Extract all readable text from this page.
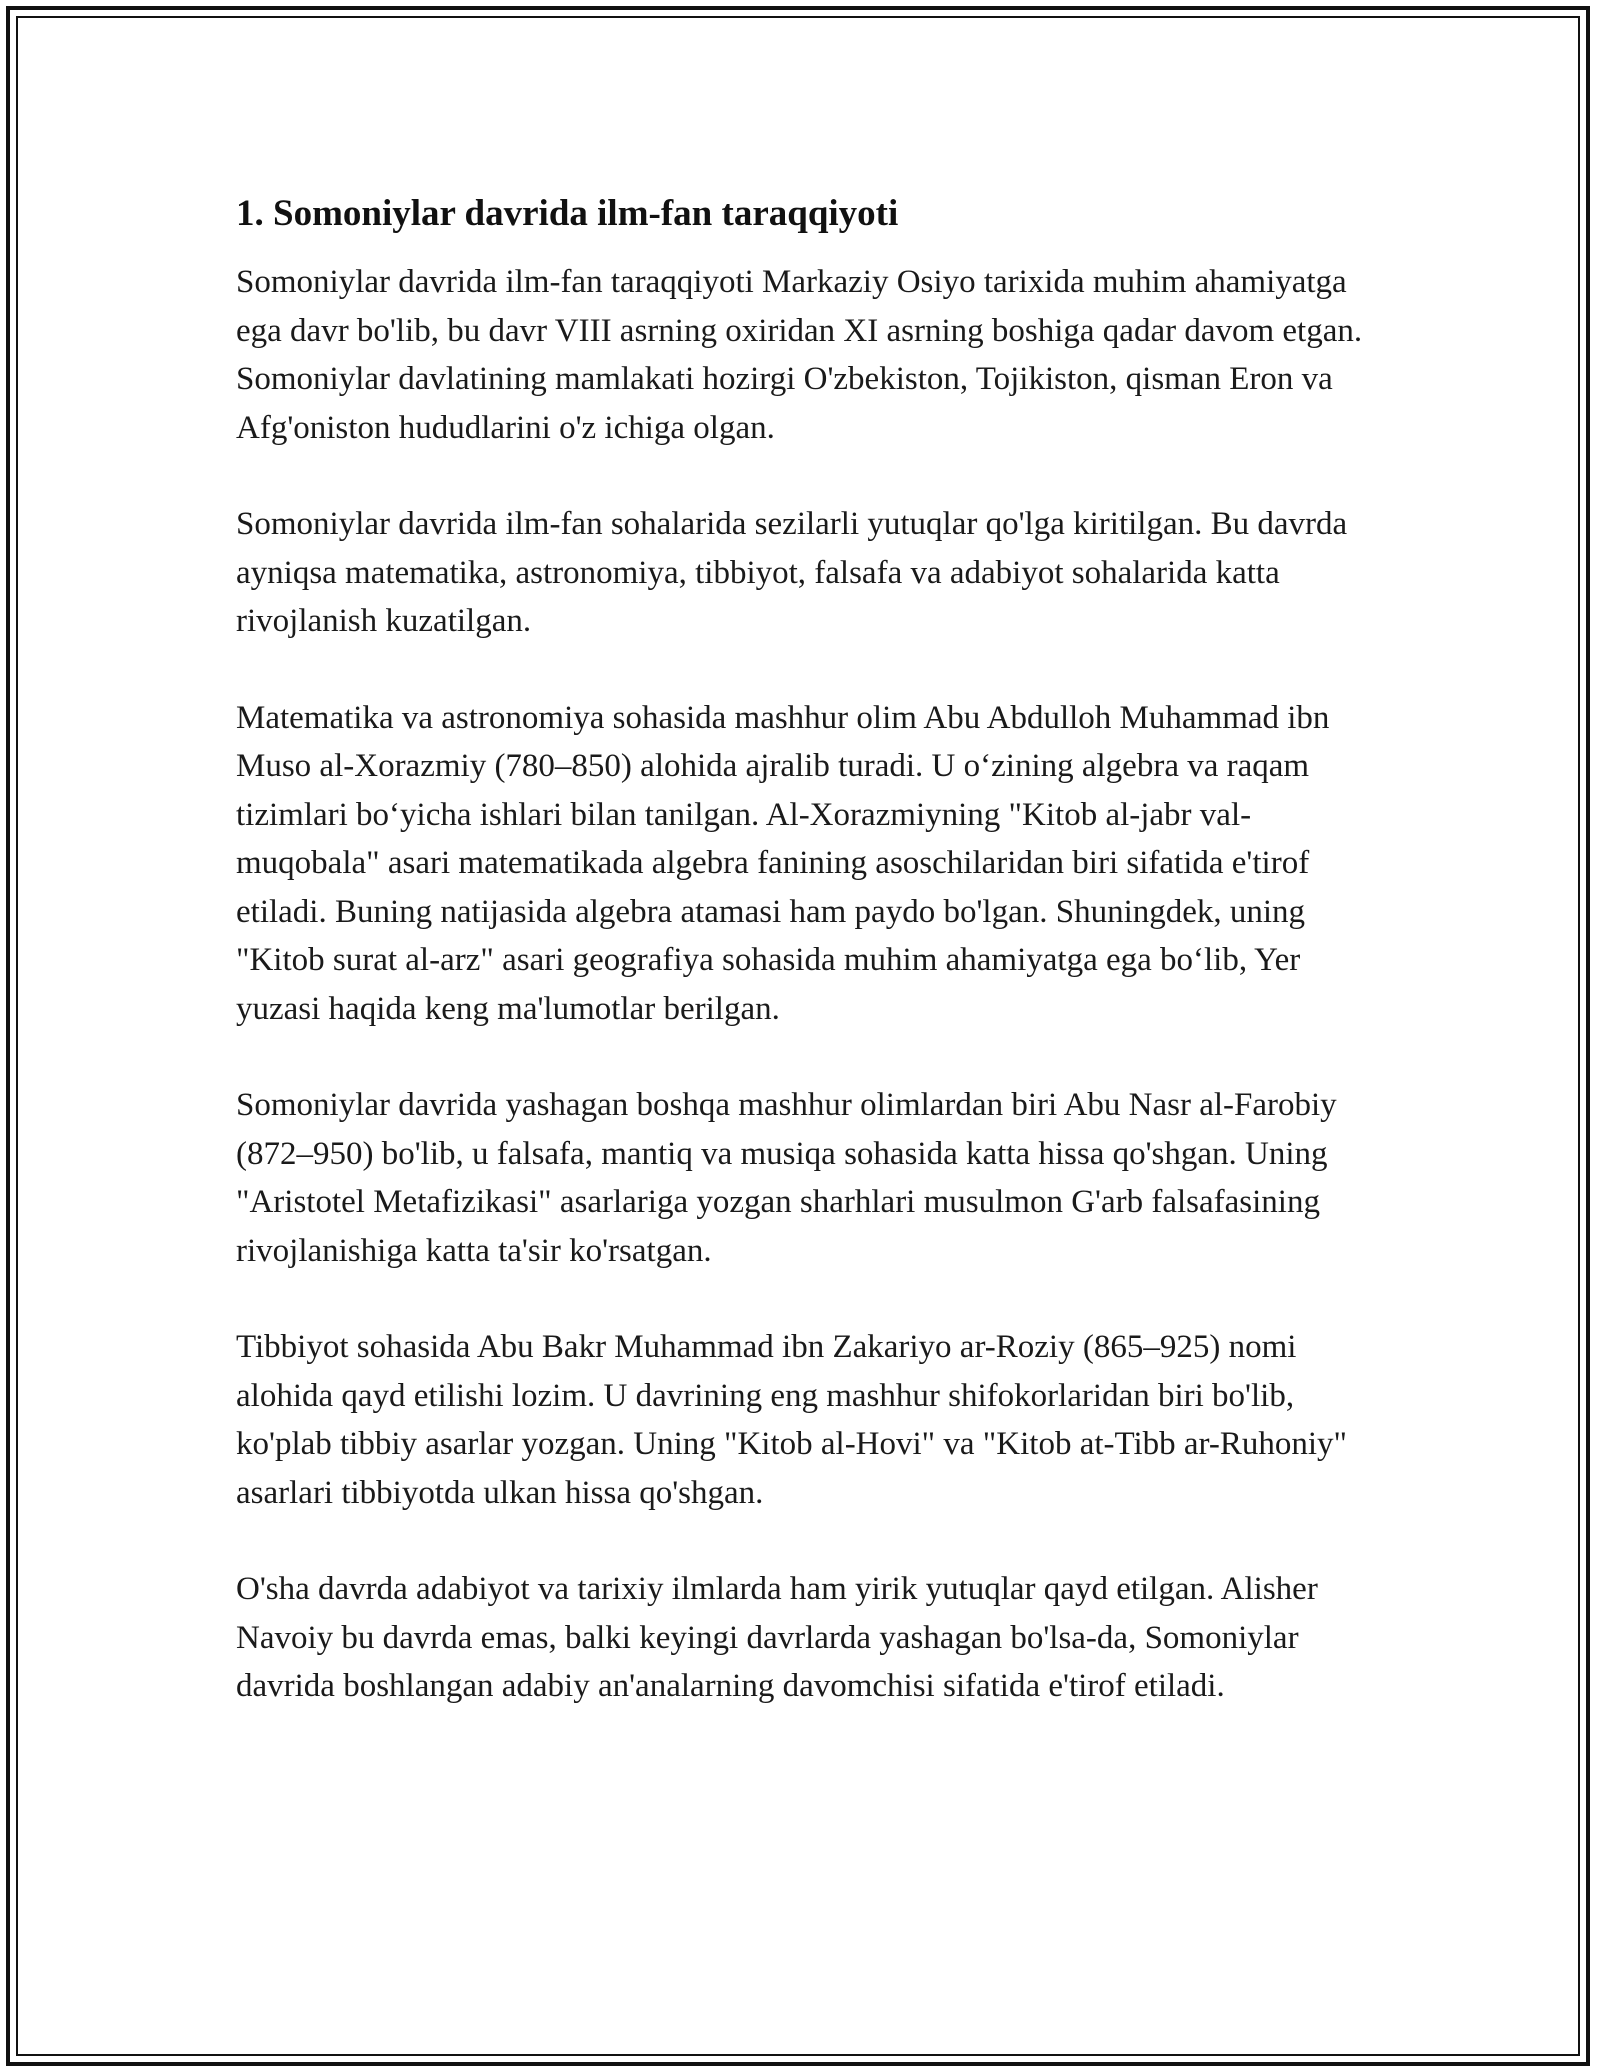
1. Somoniylar davrida ilm-fan taraqqiyoti

Somoniylar davrida ilm-fan taraqqiyoti Markaziy Osiyo tarixida muhim ahamiyatga ega davr bo'lib, bu davr VIII asrning oxiridan XI asrning boshiga qadar davom etgan. Somoniylar davlatining mamlakati hozirgi O'zbekiston, Tojikiston, qisman Eron va Afg'oniston hududlarini o'z ichiga olgan.

Somoniylar davrida ilm-fan sohalarida sezilarli yutuqlar qo'lga kiritilgan. Bu davrda ayniqsa matematika, astronomiya, tibbiyot, falsafa va adabiyot sohalarida katta rivojlanish kuzatilgan.

Matematika va astronomiya sohasida mashhur olim Abu Abdulloh Muhammad ibn Muso al-Xorazmiy (780–850) alohida ajralib turadi. U o‘zining algebra va raqam tizimlari bo‘yicha ishlari bilan tanilgan. Al-Xorazmiyning "Kitob al-jabr val-muqobala" asari matematikada algebra fanining asoschilaridan biri sifatida e'tirof etiladi. Buning natijasida algebra atamasi ham paydo bo'lgan. Shuningdek, uning "Kitob surat al-arz" asari geografiya sohasida muhim ahamiyatga ega bo‘lib, Yer yuzasi haqida keng ma'lumotlar berilgan.

Somoniylar davrida yashagan boshqa mashhur olimlardan biri Abu Nasr al-Farobiy (872–950) bo'lib, u falsafa, mantiq va musiqa sohasida katta hissa qo'shgan. Uning "Aristotel Metafizikasi" asarlariga yozgan sharhlari musulmon G'arb falsafasining rivojlanishiga katta ta'sir ko'rsatgan.

Tibbiyot sohasida Abu Bakr Muhammad ibn Zakariyo ar-Roziy (865–925) nomi alohida qayd etilishi lozim. U davrining eng mashhur shifokorlaridan biri bo'lib, ko'plab tibbiy asarlar yozgan. Uning "Kitob al-Hovi" va "Kitob at-Tibb ar-Ruhoniy" asarlari tibbiyotda ulkan hissa qo'shgan.

O'sha davrda adabiyot va tarixiy ilmlarda ham yirik yutuqlar qayd etilgan. Alisher Navoiy bu davrda emas, balki keyingi davrlarda yashagan bo'lsa-da, Somoniylar davrida boshlangan adabiy an'analarning davomchisi sifatida e'tirof etiladi.
